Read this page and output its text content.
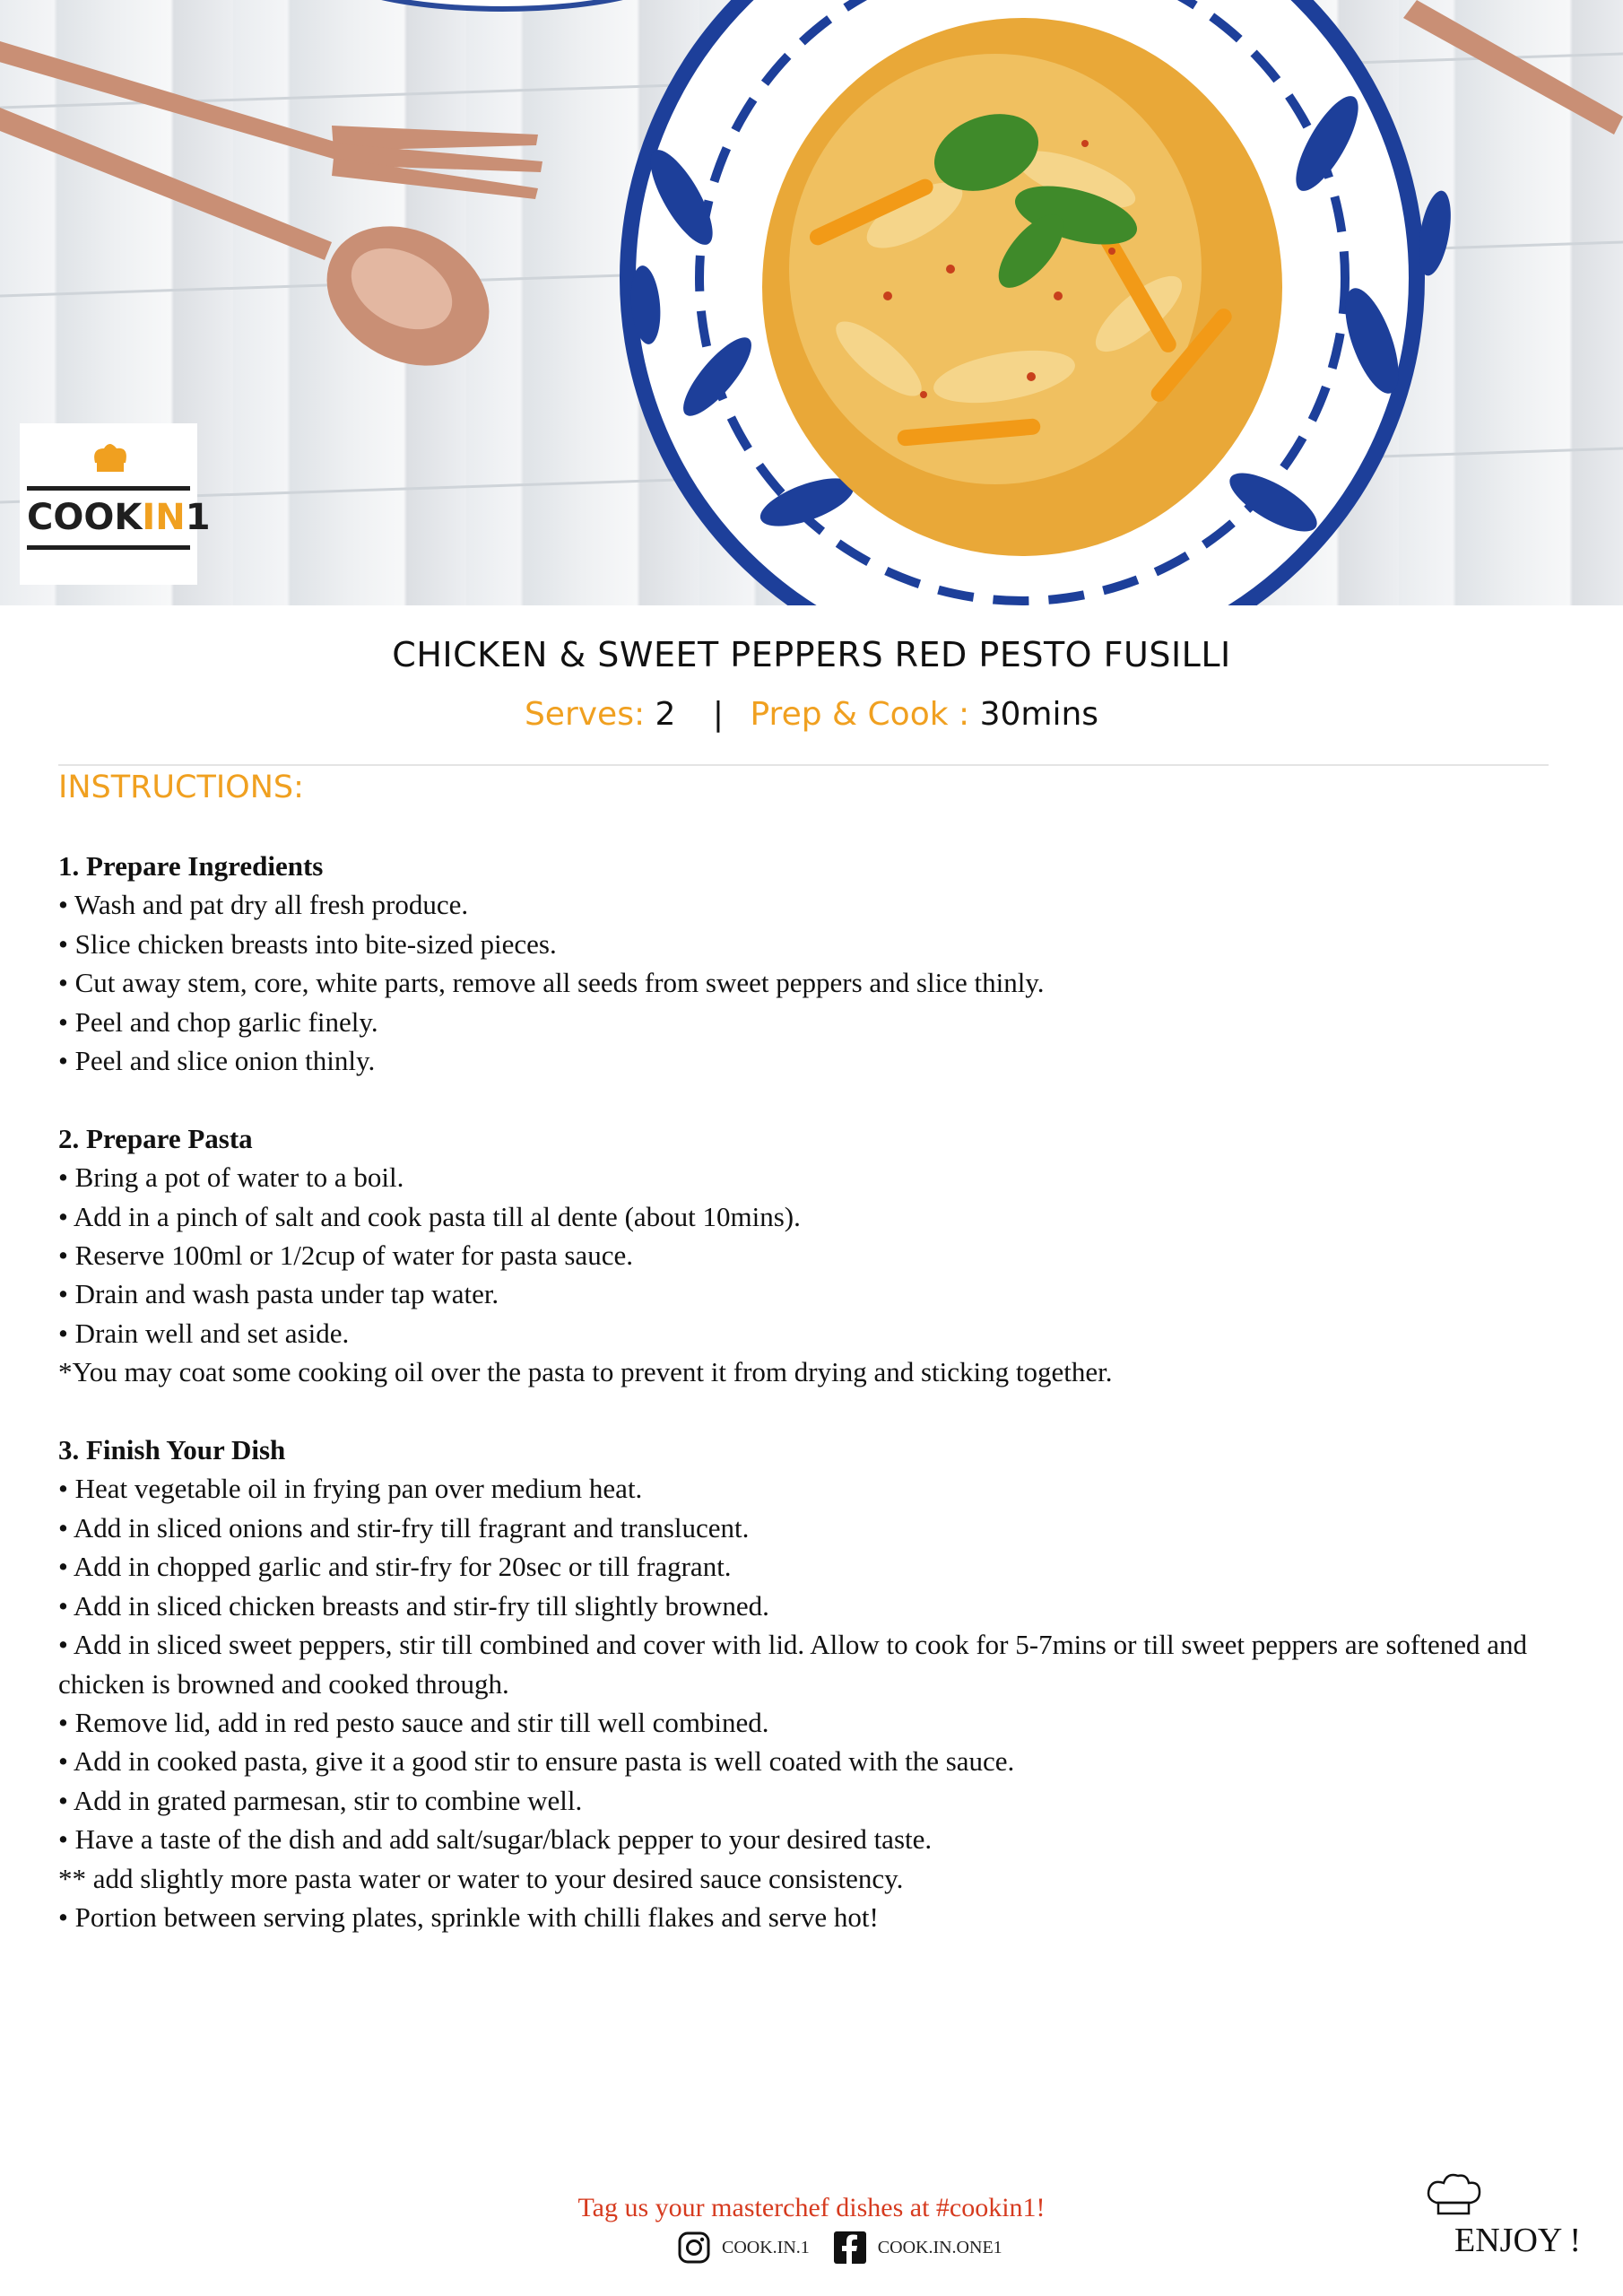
COOKIN1
CHICKEN & SWEET PEPPERS RED PESTO FUSILLI
Serves: 2 | Prep & Cook : 30mins
INSTRUCTIONS:

1. Prepare Ingredients

• Wash and pat dry all fresh produce.

• Slice chicken breasts into bite-sized pieces.

• Cut away stem, core, white parts, remove all seeds from sweet peppers and slice thinly.

• Peel and chop garlic finely.

• Peel and slice onion thinly.

2. Prepare Pasta

• Bring a pot of water to a boil.

• Add in a pinch of salt and cook pasta till al dente (about 10mins).

• Reserve 100ml or 1/2cup of water for pasta sauce.

• Drain and wash pasta under tap water.

• Drain well and set aside.

*You may coat some cooking oil over the pasta to prevent it from drying and sticking together.

3. Finish Your Dish

• Heat vegetable oil in frying pan over medium heat.

• Add in sliced onions and stir-fry till fragrant and translucent.

• Add in chopped garlic and stir-fry for 20sec or till fragrant.

• Add in sliced chicken breasts and stir-fry till slightly browned.

• Add in sliced sweet peppers, stir till combined and cover with lid. Allow to cook for 5-7mins or till sweet peppers are softened and chicken is browned and cooked through.

• Remove lid, add in red pesto sauce and stir till well combined.

• Add in cooked pasta, give it a good stir to ensure pasta is well coated with the sauce.

• Add in grated parmesan, stir to combine well.

• Have a taste of the dish and add salt/sugar/black pepper to your desired taste.

** add slightly more pasta water or water to your desired sauce consistency.

• Portion between serving plates, sprinkle with chilli flakes and serve hot!

Tag us your masterchef dishes at #cookin1!
COOK.IN.1	COOK.IN.ONE1	ENJOY !
